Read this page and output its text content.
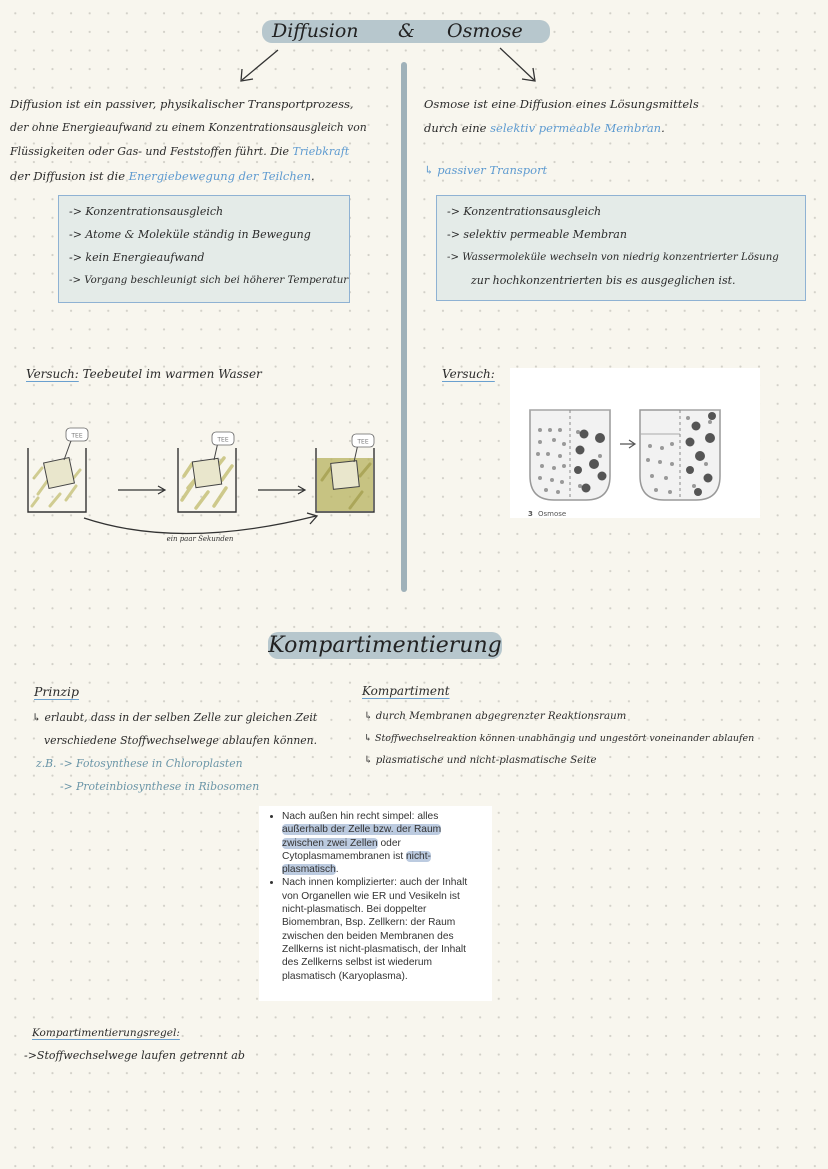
Diffusion & Osmose
Diffusion ist ein passiver, physikalischer Transportprozess,
der ohne Energieaufwand zu einem Konzentrationsausgleich von
Flüssigkeiten oder Gas- und Feststoffen führt. Die Triebkraft
der Diffusion ist die Energiebewegung der Teilchen.
-> Konzentrationsausgleich
-> Atome & Moleküle ständig in Bewegung
-> kein Energieaufwand
-> Vorgang beschleunigt sich bei höherer Temperatur
Osmose ist eine Diffusion eines Lösungsmittels
durch eine selektiv permeable Membran.
↳ passiver Transport
-> Konzentrationsausgleich
-> selektiv permeable Membran
-> Wassermoleküle wechseln von niedrig konzentrierter Lösung
zur hochkonzentrierten bis es ausgeglichen ist.
Versuch: Teebeutel im warmen Wasser
TEE
TEE	TEE
ein paar Sekunden
Versuch:
3 Osmose
Kompartimentierung
Prinzip
↳ erlaubt, dass in der selben Zelle zur gleichen Zeit
verschiedene Stoffwechselwege ablaufen können.
z.B. -> Fotosynthese in Chloroplasten
-> Proteinbiosynthese in Ribosomen
Kompartiment
↳ durch Membranen abgegrenzter Reaktionsraum
↳ Stoffwechselreaktion können unabhängig und ungestört voneinander ablaufen
↳ plasmatische und nicht-plasmatische Seite
• Nach außen hin recht simpel: alles
außerhalb der Zelle bzw. der Raum
zwischen zwei Zellen oder
Cytoplasmamembranen ist nicht-
plasmatisch.
• Nach innen komplizierter: auch der Inhalt
von Organellen wie ER und Vesikeln ist
nicht-plasmatisch. Bei doppelter
Biomembran, Bsp. Zellkern: der Raum
zwischen den beiden Membranen des
Zellkerns ist nicht-plasmatisch, der Inhalt
des Zellkerns selbst ist wiederum
plasmatisch (Karyoplasma).
Kompartimentierungsregel:
->Stoffwechselwege laufen getrennt ab
